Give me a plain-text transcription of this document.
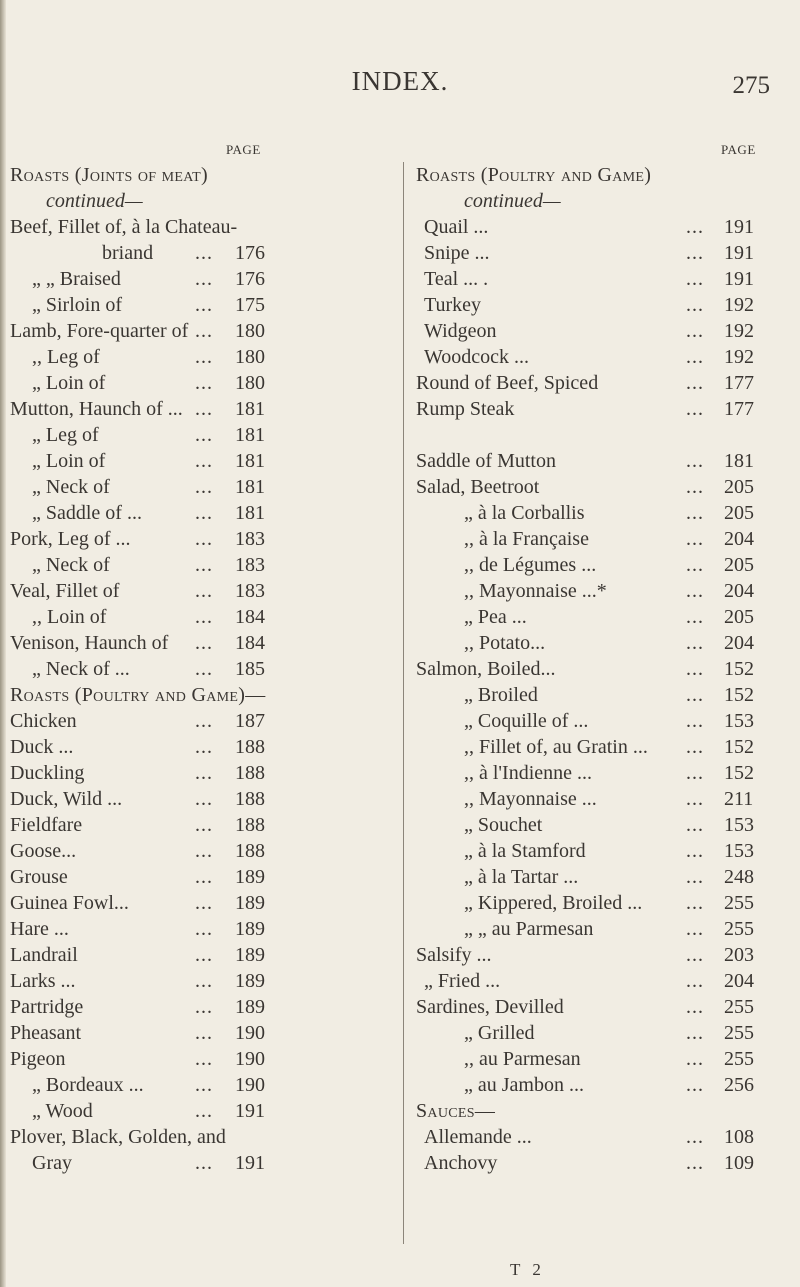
INDEX.	275
PAGE
Roasts (Joints of meat)
continued—
Beef, Fillet of, à la Chateau-
briand ... 176
„ „ Braised	... 176
„ Sirloin of	... 175
Lamb, Fore-quarter of ... 180
,, Leg of	... 180
„ Loin of	... 180
Mutton, Haunch of ... ... 181
„ Leg of	... 181
„ Loin of	... 181
„ Neck of	... 181
„ Saddle of ...	... 181
Pork, Leg of ...	... 183
„ Neck of	... 183
Veal, Fillet of	... 183
,, Loin of	... 184
Venison, Haunch of ... 184
„ Neck of ...	... 185
Roasts (Poultry and Game)—
Chicken	... 187
Duck ...	... 188
Duckling	... 188
Duck, Wild ...	... 188
Fieldfare	... 188
Goose...	... 188
Grouse	... 189
Guinea Fowl...	... 189
Hare ...	... 189
Landrail	... 189
Larks ...	... 189
Partridge	... 189
Pheasant	... 190
Pigeon	... 190
„ Bordeaux ...	... 190
„ Wood	... 191
Plover, Black, Golden, and
Gray	... 191
PAGE
Roasts (Poultry and Game)
continued—
Quail ...	... 191
Snipe ...	... 191
Teal ... .	... 191
Turkey	... 192
Widgeon	... 192
Woodcock ...	... 192
Round of Beef, Spiced	... 177
Rump Steak	... 177
Saddle of Mutton	... 181
Salad, Beetroot	... 205
„ à la Corballis	... 205
,, à la Française	... 204
,, de Légumes ...	... 205
,, Mayonnaise ...*	... 204
„ Pea ...	... 205
,, Potato...	... 204
Salmon, Boiled...	... 152
„ Broiled	... 152
„ Coquille of ...	... 153
,, Fillet of, au Gratin ... ... 152
,, à l'Indienne ...	... 152
,, Mayonnaise ...	... 211
„ Souchet	... 153
„ à la Stamford	... 153
„ à la Tartar ...	... 248
„ Kippered, Broiled ... ... 255
„ „ au Parmesan	... 255
Salsify ...	... 203
„ Fried ...	... 204
Sardines, Devilled	... 255
„ Grilled	... 255
,, au Parmesan	... 255
„ au Jambon ...	... 256
Sauces—
Allemande ...	... 108
Anchovy	... 109
T 2
